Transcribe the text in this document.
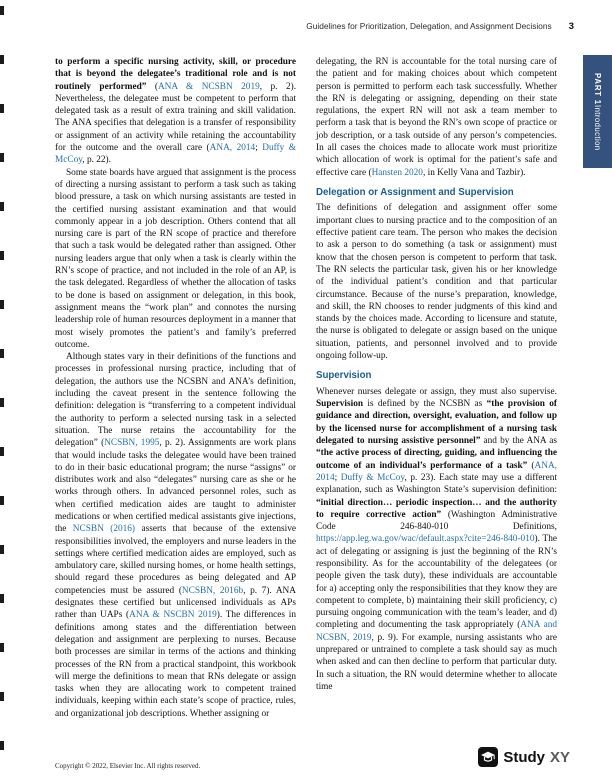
Guidelines for Prioritization, Delegation, and Assignment Decisions 3
PART 1
Introduction

to perform a specific nursing activity, skill, or procedure that is beyond the delegatee’s traditional role and is not routinely performed” (ANA & NCSBN 2019, p. 2). Nevertheless, the delegatee must be competent to perform that delegated task as a result of extra training and skill validation. The ANA specifies that delegation is a transfer of responsibility or assignment of an activity while retaining the accountability for the outcome and the overall care (ANA, 2014; Duffy & McCoy, p. 22).

Some state boards have argued that assignment is the process of directing a nursing assistant to perform a task such as taking blood pressure, a task on which nursing assistants are tested in the certified nursing assistant examination and that would commonly appear in a job description. Others contend that all nursing care is part of the RN scope of practice and therefore that such a task would be delegated rather than assigned. Other nursing leaders argue that only when a task is clearly within the RN’s scope of practice, and not included in the role of an AP, is the task delegated. Regardless of whether the allocation of tasks to be done is based on assignment or delegation, in this book, assignment means the “work plan” and connotes the nursing leadership role of human resources deployment in a manner that most wisely promotes the patient’s and family’s preferred outcome.

Although states vary in their definitions of the functions and processes in professional nursing practice, including that of delegation, the authors use the NCSBN and ANA’s definition, including the caveat present in the sentence following the definition: delegation is “transferring to a competent individual the authority to perform a selected nursing task in a selected situation. The nurse retains the accountability for the delegation” (NCSBN, 1995, p. 2). Assignments are work plans that would include tasks the delegatee would have been trained to do in their basic educational program; the nurse “assigns” or distributes work and also “delegates” nursing care as she or he works through others. In advanced personnel roles, such as when certified medication aides are taught to administer medications or when certified medical assistants give injections, the NCSBN (2016) asserts that because of the extensive responsibilities involved, the employers and nurse leaders in the settings where certified medication aides are employed, such as ambulatory care, skilled nursing homes, or home health settings, should regard these procedures as being delegated and AP competencies must be assured (NCSBN, 2016b, p. 7). ANA designates these certified but unlicensed individuals as APs rather than UAPs (ANA & NSCBN 2019). The differences in definitions among states and the differentiation between delegation and assignment are perplexing to nurses. Because both processes are similar in terms of the actions and thinking processes of the RN from a practical standpoint, this workbook will merge the definitions to mean that RNs delegate or assign tasks when they are allocating work to competent trained individuals, keeping within each state’s scope of practice, rules, and organizational job descriptions. Whether assigning or

delegating, the RN is accountable for the total nursing care of the patient and for making choices about which competent person is permitted to perform each task successfully. Whether the RN is delegating or assigning, depending on their state regulations, the expert RN will not ask a team member to perform a task that is beyond the RN’s own scope of practice or job description, or a task outside of any person’s competencies. In all cases the choices made to allocate work must prioritize which allocation of work is optimal for the patient’s safe and effective care (Hansten 2020, in Kelly Vana and Tazbir).

Delegation or Assignment and Supervision

The definitions of delegation and assignment offer some important clues to nursing practice and to the composition of an effective patient care team. The person who makes the decision to ask a person to do something (a task or assignment) must know that the chosen person is competent to perform that task. The RN selects the particular task, given his or her knowledge of the individual patient’s condition and that particular circumstance. Because of the nurse’s preparation, knowledge, and skill, the RN chooses to render judgments of this kind and stands by the choices made. According to licensure and statute, the nurse is obligated to delegate or assign based on the unique situation, patients, and personnel involved and to provide ongoing follow-up.

Supervision

Whenever nurses delegate or assign, they must also supervise. Supervision is defined by the NCSBN as “the provision of guidance and direction, oversight, evaluation, and follow up by the licensed nurse for accomplishment of a nursing task delegated to nursing assistive personnel” and by the ANA as “the active process of directing, guiding, and influencing the outcome of an individual’s performance of a task” (ANA, 2014; Duffy & McCoy, p. 23). Each state may use a different explanation, such as Washington State’s supervision definition: “initial direction… periodic inspection… and the authority to require corrective action” (Washington Administrative Code 246-840-010 Definitions, https://app.leg.wa.gov/wac/default.aspx?cite=246-840-010). The act of delegating or assigning is just the beginning of the RN’s responsibility. As for the accountability of the delegatees (or people given the task duty), these individuals are accountable for a) accepting only the responsibilities that they know they are competent to complete, b) maintaining their skill proficiency, c) pursuing ongoing communication with the team’s leader, and d) completing and documenting the task appropriately (ANA and NCSBN, 2019, p. 9). For example, nursing assistants who are unprepared or untrained to complete a task should say as much when asked and can then decline to perform that particular duty. In such a situation, the RN would determine whether to allocate time

Copyright © 2022, Elsevier Inc. All rights reserved.
Study XY
